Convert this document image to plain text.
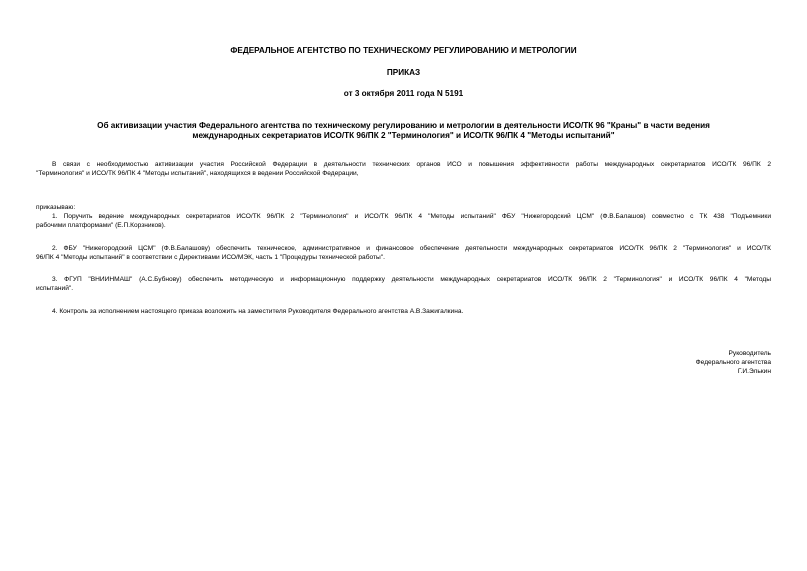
ФЕДЕРАЛЬНОЕ АГЕНТСТВО ПО ТЕХНИЧЕСКОМУ РЕГУЛИРОВАНИЮ И МЕТРОЛОГИИ
ПРИКАЗ
от 3 октября 2011 года N 5191
Об активизации участия Федерального агентства по техническому регулированию и метрологии в деятельности ИСО/ТК 96 "Краны" в части ведения
международных секретариатов ИСО/ТК 96/ПК 2 "Терминология" и ИСО/ТК 96/ПК 4 "Методы испытаний"
В связи с необходимостью активизации участия Российской Федерации в деятельности технических органов ИСО и повышения эффективности работы международных секретариатов ИСО/ТК 96/ПК 2
"Терминология" и ИСО/ТК 96/ПК 4 "Методы испытаний", находящихся в ведении Российской Федерации,
приказываю:
1. Поручить ведение международных секретариатов ИСО/ТК 96/ПК 2 "Терминология" и ИСО/ТК 96/ПК 4 "Методы испытаний" ФБУ "Нижегородский ЦСМ" (Ф.В.Балашов) совместно с ТК 438 "Подъемники
рабочими платформами" (Е.П.Корзников).
2. ФБУ "Нижегородский ЦСМ" (Ф.В.Балашову) обеспечить техническое, административное и финансовое обеспечение деятельности международных секретариатов ИСО/ТК 96/ПК 2 "Терминология" и ИСО/ТК
96/ПК 4 "Методы испытаний" в соответствии с Директивами ИСО/МЭК, часть 1 "Процедуры технической работы".
3. ФГУП "ВНИИНМАШ" (А.С.Бубнову) обеспечить методическую и информационную поддержку деятельности международных секретариатов ИСО/ТК 96/ПК 2 "Терминология" и ИСО/ТК 96/ПК 4 "Методы
испытаний".
4. Контроль за исполнением настоящего приказа возложить на заместителя Руководителя Федерального агентства А.В.Зажигалкина.
Руководитель
Федерального агентства
Г.И.Элькин
